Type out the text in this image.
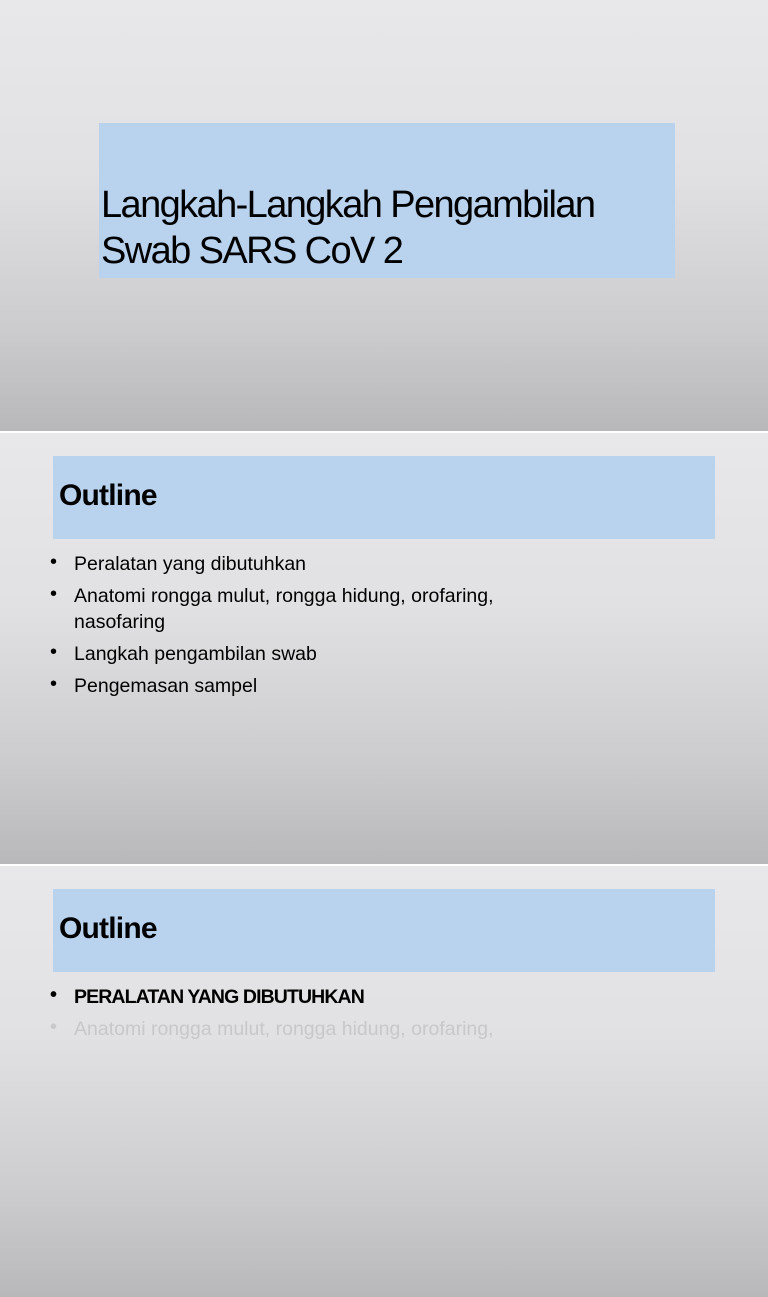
Langkah-Langkah Pengambilan
Swab SARS CoV 2
Outline
• Peralatan yang dibutuhkan
• Anatomi rongga mulut, rongga hidung, orofaring, nasofaring
• Langkah pengambilan swab
• Pengemasan sampel
Outline
• PERALATAN YANG DIBUTUHKAN
• Anatomi rongga mulut, rongga hidung, orofaring,
